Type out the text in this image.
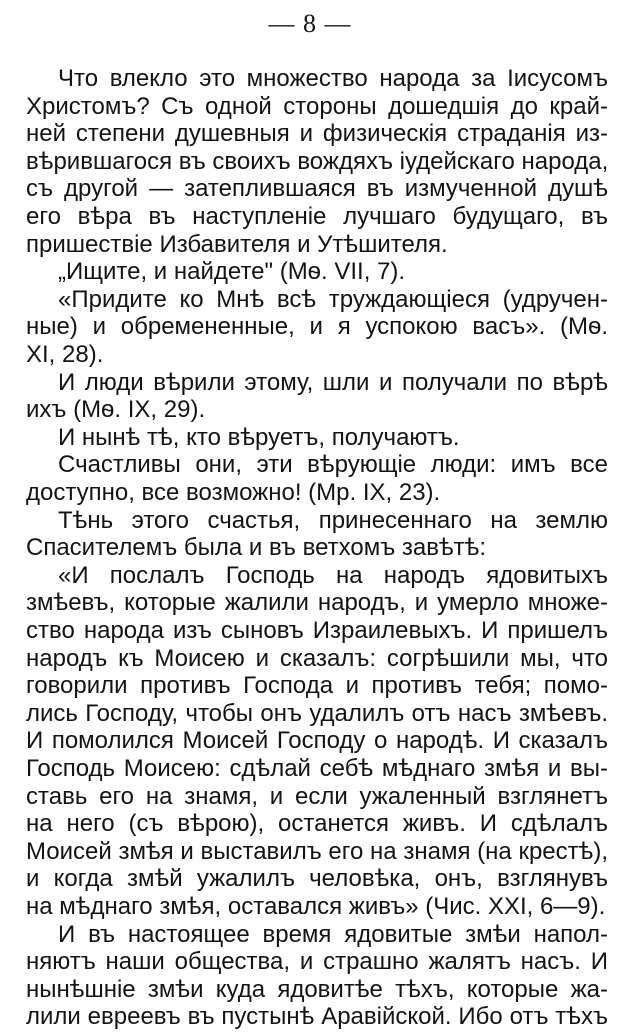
— 8 —
Что влекло это множество народа за Іисусомъ
Христомъ? Съ одной стороны дошедшія до край-
ней степени душевныя и физическія страданія из-
вѣрившагося въ своихъ вождяхъ іудейскаго народа,
съ другой — затеплившаяся въ измученной душѣ
его вѣра въ наступленіе лучшаго будущаго, въ
пришествіе Избавителя и Утѣшителя.
„Ищите, и найдете" (Мѳ. VII, 7).
«Придите ко Мнѣ всѣ труждающіеся (удручен-
ные) и обремененные, и я успокою васъ». (Мѳ.
XI, 28).
И люди вѣрили этому, шли и получали по вѣрѣ
ихъ (Мѳ. IX, 29).
И нынѣ тѣ, кто вѣруетъ, получаютъ.
Счастливы они, эти вѣрующіе люди: имъ все
доступно, все возможно! (Мр. IX, 23).
Тѣнь этого счастья, принесеннаго на землю
Спасителемъ была и въ ветхомъ завѣтѣ:
«И послалъ Господь на народъ ядовитыхъ
змѣевъ, которые жалили народъ, и умерло множе-
ство народа изъ сыновъ Израилевыхъ. И пришелъ
народъ къ Моисею и сказалъ: согрѣшили мы, что
говорили противъ Господа и противъ тебя; помо-
лись Господу, чтобы онъ удалилъ отъ насъ змѣевъ.
И помолился Моисей Господу о народѣ. И сказалъ
Господь Моисею: сдѣлай себѣ мѣднаго змѣя и вы-
ставь его на знамя, и если ужаленный взглянетъ
на него (съ вѣрою), останется живъ. И сдѣлалъ
Моисей змѣя и выставилъ его на знамя (на крестѣ),
и когда змѣй ужалилъ человѣка, онъ, взглянувъ
на мѣднаго змѣя, оставался живъ» (Чис. XXI, 6—9).
И въ настоящее время ядовитые змѣи напол-
няютъ наши общества, и страшно жалятъ насъ. И
нынѣшніе змѣи куда ядовитѣе тѣхъ, которые жа-
лили евреевъ въ пустынѣ Аравійской. Ибо отъ тѣхъ
